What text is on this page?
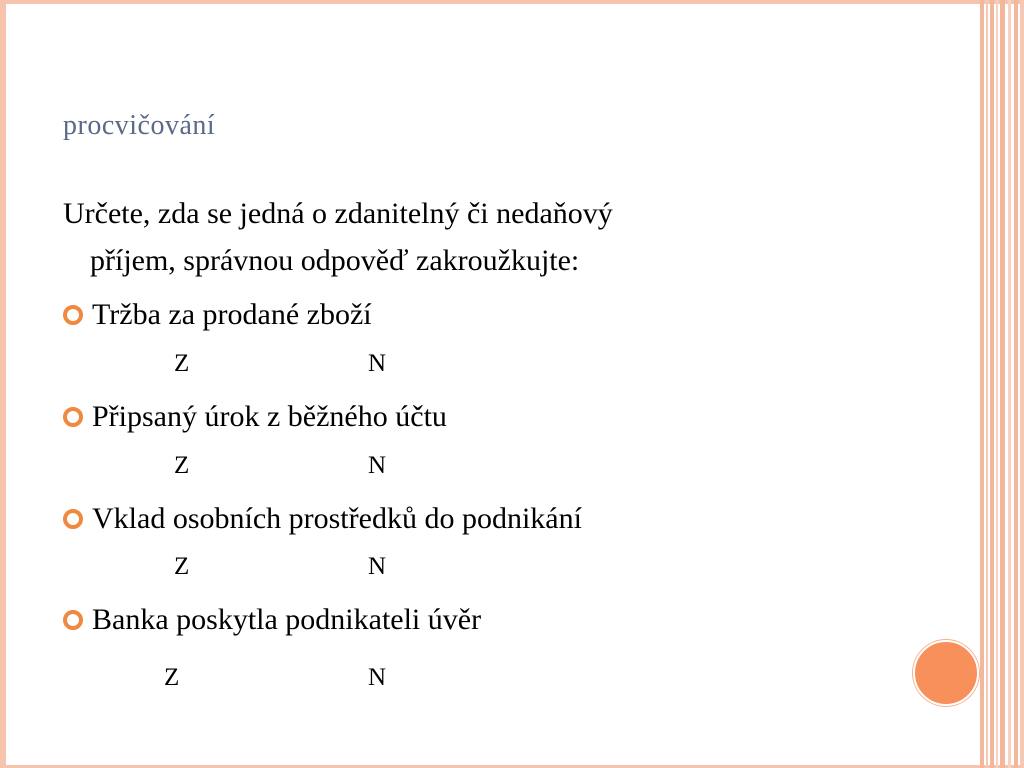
procvičování

Určete, zda se jedná o zdanitelný či nedaňový
příjem, správnou odpověď zakroužkujte:

Tržba za prodané zboží
Z	N
Připsaný úrok z běžného účtu
Z	N
Vklad osobních prostředků do podnikání
Z	N
Banka poskytla podnikateli úvěr
Z	N
